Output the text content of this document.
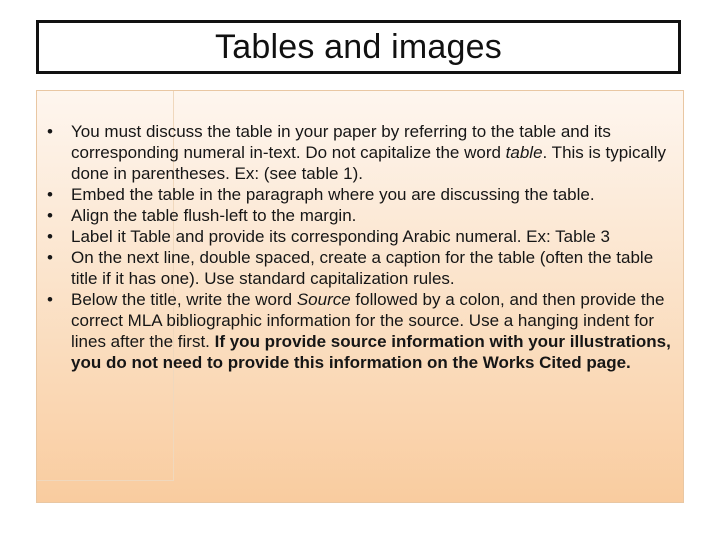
Tables and images
• You must discuss the table in your paper by referring to the table and its corresponding numeral in-text. Do not capitalize the word table. This is typically done in parentheses. Ex: (see table 1).
• Embed the table in the paragraph where you are discussing the table.
• Align the table flush-left to the margin.
• Label it Table and provide its corresponding Arabic numeral. Ex: Table 3
• On the next line, double spaced, create a caption for the table (often the table title if it has one). Use standard capitalization rules.
• Below the title, write the word Source followed by a colon, and then provide the correct MLA bibliographic information for the source. Use a hanging indent for lines after the first. If you provide source information with your illustrations, you do not need to provide this information on the Works Cited page.
